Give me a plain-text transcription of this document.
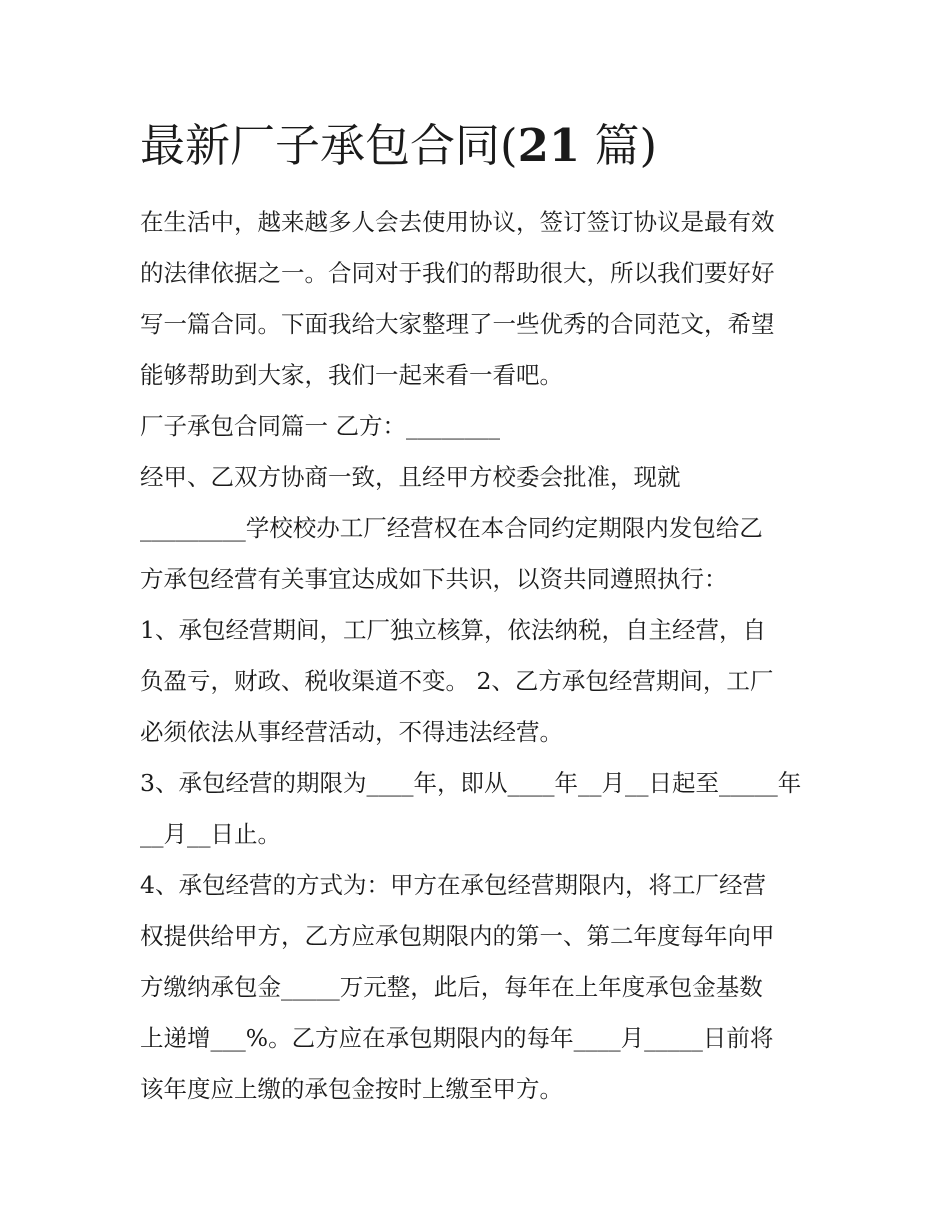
最新厂子承包合同(21 篇)

在生活中，越来越多人会去使用协议，签订签订协议是最有效

的法律依据之一。合同对于我们的帮助很大，所以我们要好好

写一篇合同。下面我给大家整理了一些优秀的合同范文，希望

能够帮助到大家，我们一起来看一看吧。

厂子承包合同篇一 乙方：________

经甲、乙双方协商一致，且经甲方校委会批准，现就

_________学校校办工厂经营权在本合同约定期限内发包给乙

方承包经营有关事宜达成如下共识，以资共同遵照执行：

1、承包经营期间，工厂独立核算，依法纳税，自主经营，自

负盈亏，财政、税收渠道不变。 2、乙方承包经营期间，工厂

必须依法从事经营活动，不得违法经营。

3、承包经营的期限为____年，即从____年__月__日起至_____年

__月__日止。

4、承包经营的方式为：甲方在承包经营期限内，将工厂经营

权提供给甲方，乙方应承包期限内的第一、第二年度每年向甲

方缴纳承包金_____万元整，此后，每年在上年度承包金基数

上递增___%。乙方应在承包期限内的每年____月_____日前将

该年度应上缴的承包金按时上缴至甲方。
